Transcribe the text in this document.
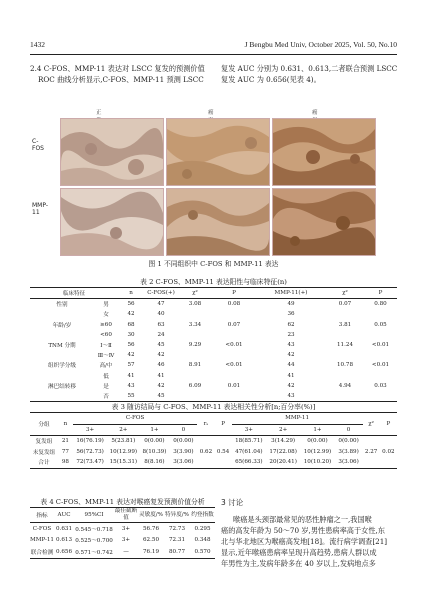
1432	J Bengbu Med Univ, October 2025, Vol. 50, No.10
2.4 C-FOS、MMP-11 表达对 LSCC 复发的预测价值
ROC 曲线分析显示,C-FOS、MMP-11 预测 LSCC
复发 AUC 分别为 0.631、0.613,二者联合预测 LSCC
复发 AUC 为 0.656(见表 4)。
正	癌	癌
C-FOS
MMP-11
图 1 不同组织中 C-FOS 和 MMP-11 表达
表 2 C-FOS、MMP-11 表达阳性与临床特征(n)
临床特征		n	C-FOS(+)	χ²	P	MMP-11(+)	χ²	P
性别	男	56	47	3.08	0.08	49	0.07	0.80
	女	42	40			36		
年龄/岁	≥60	68	63	3.34	0.07	62	3.81	0.05
	<60	30	24			23		
TNM 分期	Ⅰ～Ⅱ	56	45	9.29	<0.01	43	11.24	<0.01
	Ⅲ～Ⅳ	42	42			42		
组织学分级	高/中	57	46	8.91	<0.01	44	10.78	<0.01
	低	41	41			41		
淋巴结转移	是	43	42	6.09	0.01	42	4.94	0.03
	否	55	45			43		
表 3 随访结局与 C-FOS、MMP-11 表达相关性分析[n;百分率(%)]
分组	n	C-FOS				rₛ	P	MMP-11				χ²	P
		3+	2+	1+	0			3+	2+	1+	0		
复发组	21	16(76.19)	5(23.81)	0(0.00)	0(0.00)			18(85.71)	3(14.29)	0(0.00)	0(0.00)		
未复发组	77	56(72.73)	10(12.99)	8(10.39)	3(3.90)	0.62	0.54	47(61.04)	17(22.08)	10(12.99)	3(3.89)	2.27	0.02
合计	98	72(73.47)	15(15.31)	8(8.16)	3(3.06)			65(66.33)	20(20.41)	10(10.20)	3(3.06)		
表 4 C-FOS、MMP-11 表达对喉癌复发预测价值分析
指标	AUC	95%CI	最佳截断值	灵敏度/%	特异度/%	约登指数
C-FOS	0.631	0.545～0.718	3+	56.76	72.73	0.295
MMP-11	0.613	0.525～0.700	3+	62.50	72.31	0.348
联合检测	0.656	0.571～0.742	—	76.19	80.77	0.570
3 讨论
喉癌是头颈部最常见的恶性肿瘤之一,我国喉
癌的高发年龄为 50～70 岁,男性患病率高于女性,东
北与华北地区为喉癌高发地[18]。流行病学调查[21]
显示,近年喉癌患病率呈现升高趋势,患病人群以成
年男性为主,发病年龄多在 40 岁以上,发病地点多
